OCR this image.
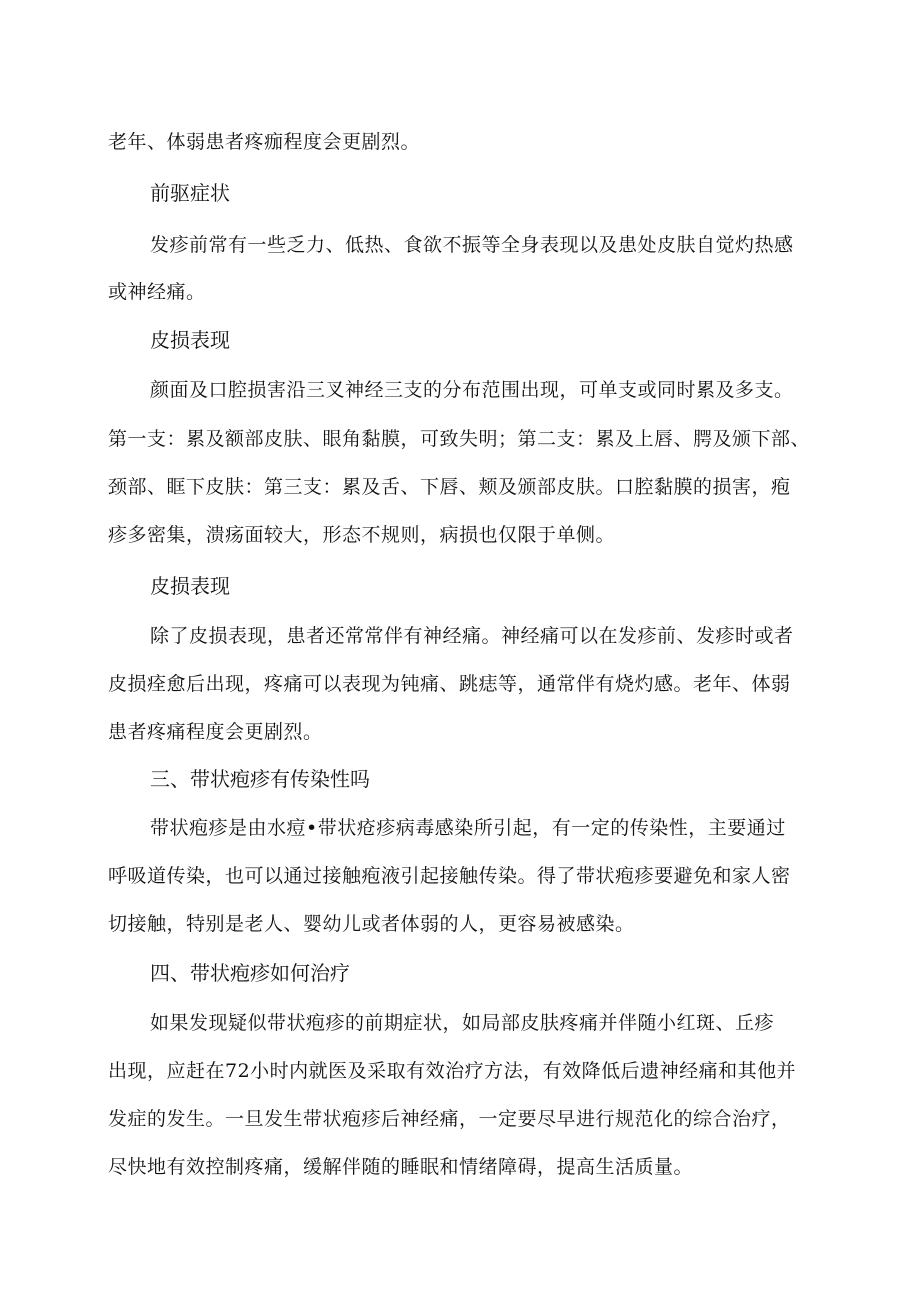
老年、体弱患者疼痂程度会更剧烈。
前驱症状
发疹前常有一些乏力、低热、食欲不振等全身表现以及患处皮肤自觉灼热感
或神经痛。
皮损表现
颜面及口腔损害沿三叉神经三支的分布范围出现，可单支或同时累及多支。
第一支：累及额部皮肤、眼角黏膜，可致失明；第二支：累及上唇、腭及颁下部、
颈部、眶下皮肤：第三支：累及舌、下唇、颊及颁部皮肤。口腔黏膜的损害，疱
疹多密集，溃疡面较大，形态不规则，病损也仅限于单侧。
皮损表现
除了皮损表现，患者还常常伴有神经痛。神经痛可以在发疹前、发疹时或者
皮损痊愈后出现，疼痛可以表现为钝痛、跳痣等，通常伴有烧灼感。老年、体弱
患者疼痛程度会更剧烈。
三、带状疱疹有传染性吗
带状疱疹是由水痘•带状疮疹病毒感染所引起，有一定的传染性，主要通过
呼吸道传染，也可以通过接触疱液引起接触传染。得了带状疱疹要避免和家人密
切接触，特别是老人、婴幼儿或者体弱的人，更容易被感染。
四、带状疱疹如何治疗
如果发现疑似带状疱疹的前期症状，如局部皮肤疼痛并伴随小红斑、丘疹
出现，应赶在72小时内就医及采取有效治疗方法，有效降低后遗神经痛和其他并
发症的发生。一旦发生带状疱疹后神经痛，一定要尽早进行规范化的综合治疗，
尽快地有效控制疼痛，缓解伴随的睡眠和情绪障碍，提高生活质量。
